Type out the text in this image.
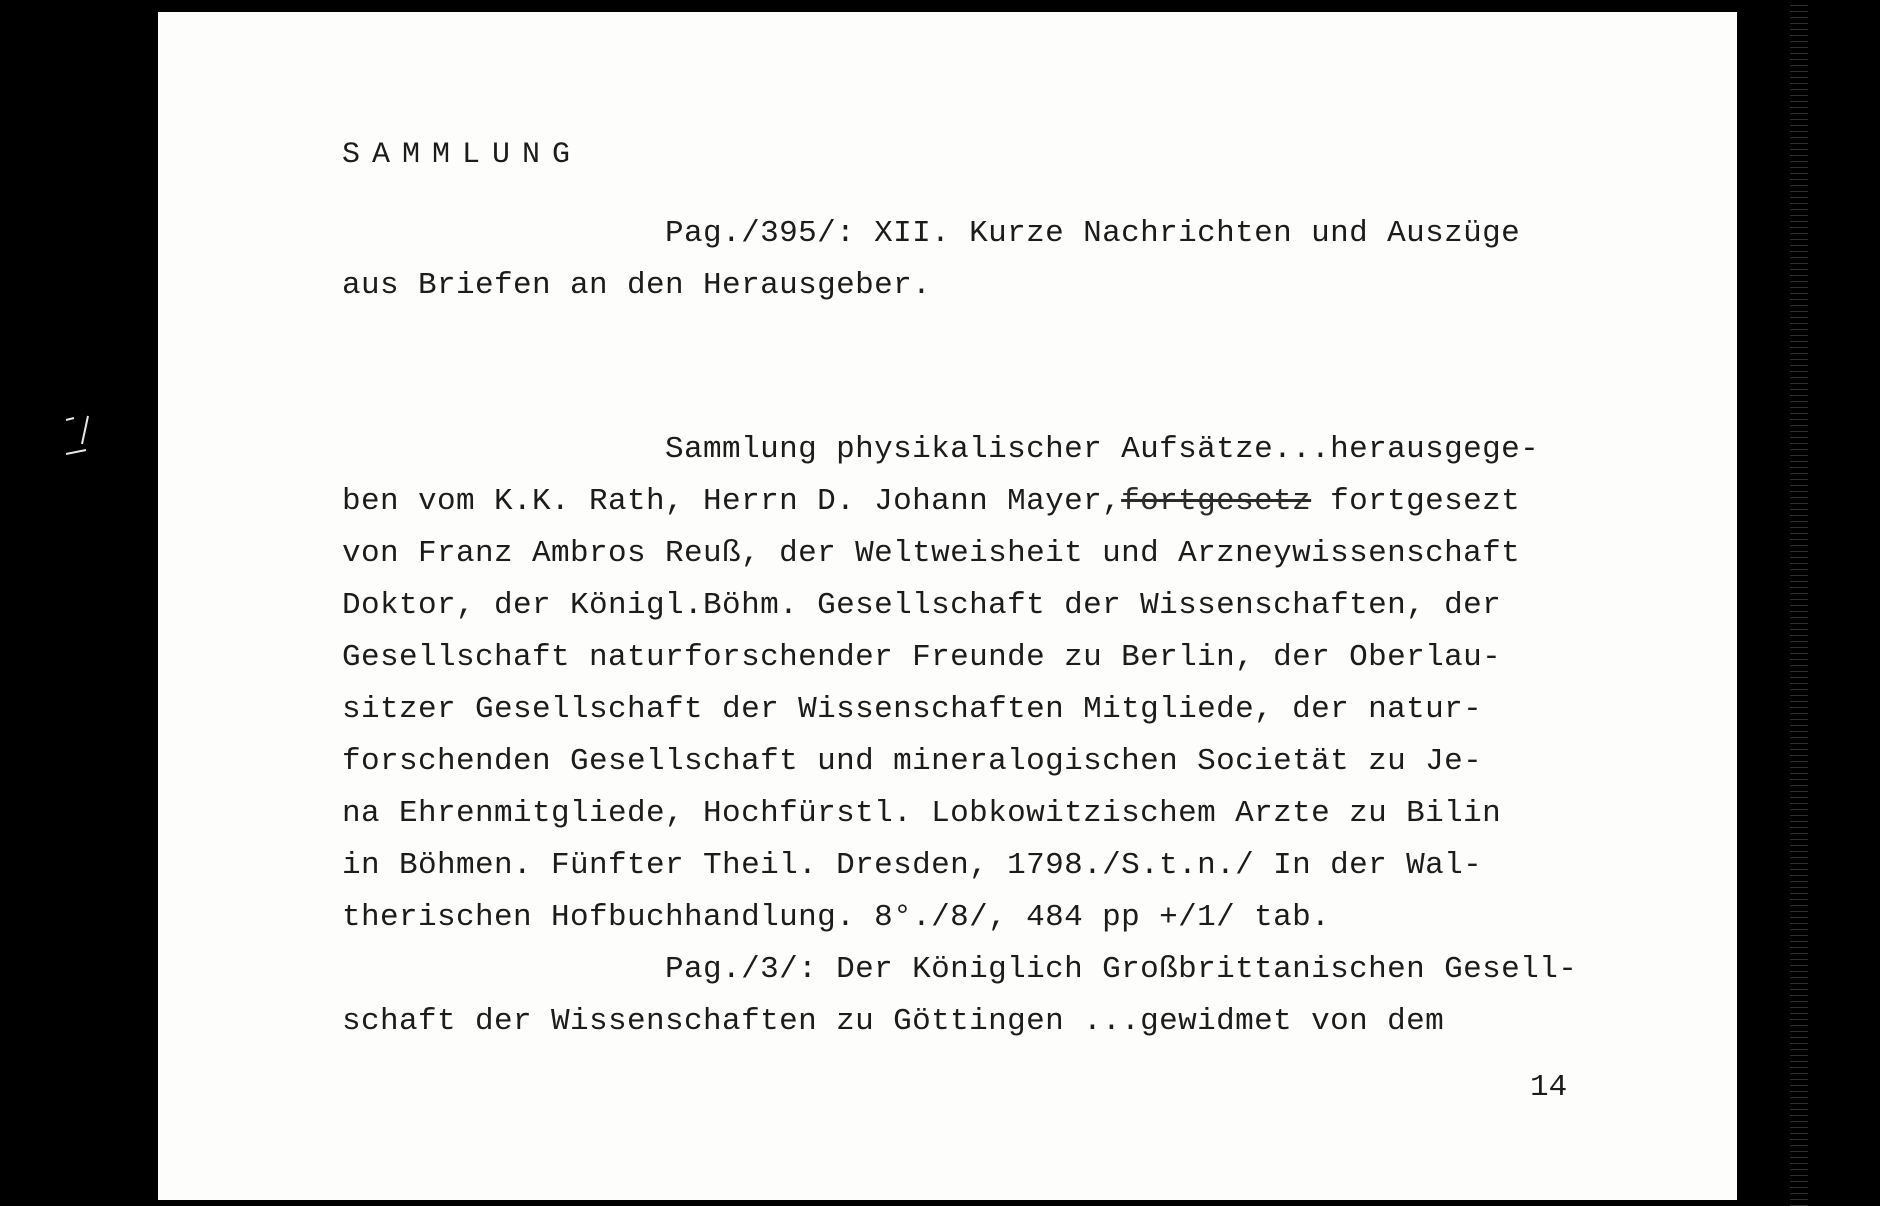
SAMMLUNG

Pag./395/: XII. Kurze Nachrichten und Auszüge
aus Briefen an den Herausgeber.

Sammlung physikalischer Aufsätze...herausgege-
ben vom K.K. Rath, Herrn D. Johann Mayer,fortgesetz fortgesezt
von Franz Ambros Reuß, der Weltweisheit und Arzneywissenschaft
Doktor, der Königl.Böhm. Gesellschaft der Wissenschaften, der
Gesellschaft naturforschender Freunde zu Berlin, der Oberlau-
sitzer Gesellschaft der Wissenschaften Mitgliede, der natur-
forschenden Gesellschaft und mineralogischen Societät zu Je-
na Ehrenmitgliede, Hochfürstl. Lobkowitzischem Arzte zu Bilin
in Böhmen. Fünfter Theil. Dresden, 1798./S.t.n./ In der Wal-
therischen Hofbuchhandlung. 8°./8/, 484 pp +/1/ tab.

Pag./3/: Der Königlich Großbrittanischen Gesell-
schaft der Wissenschaften zu Göttingen ...gewidmet von dem

14
